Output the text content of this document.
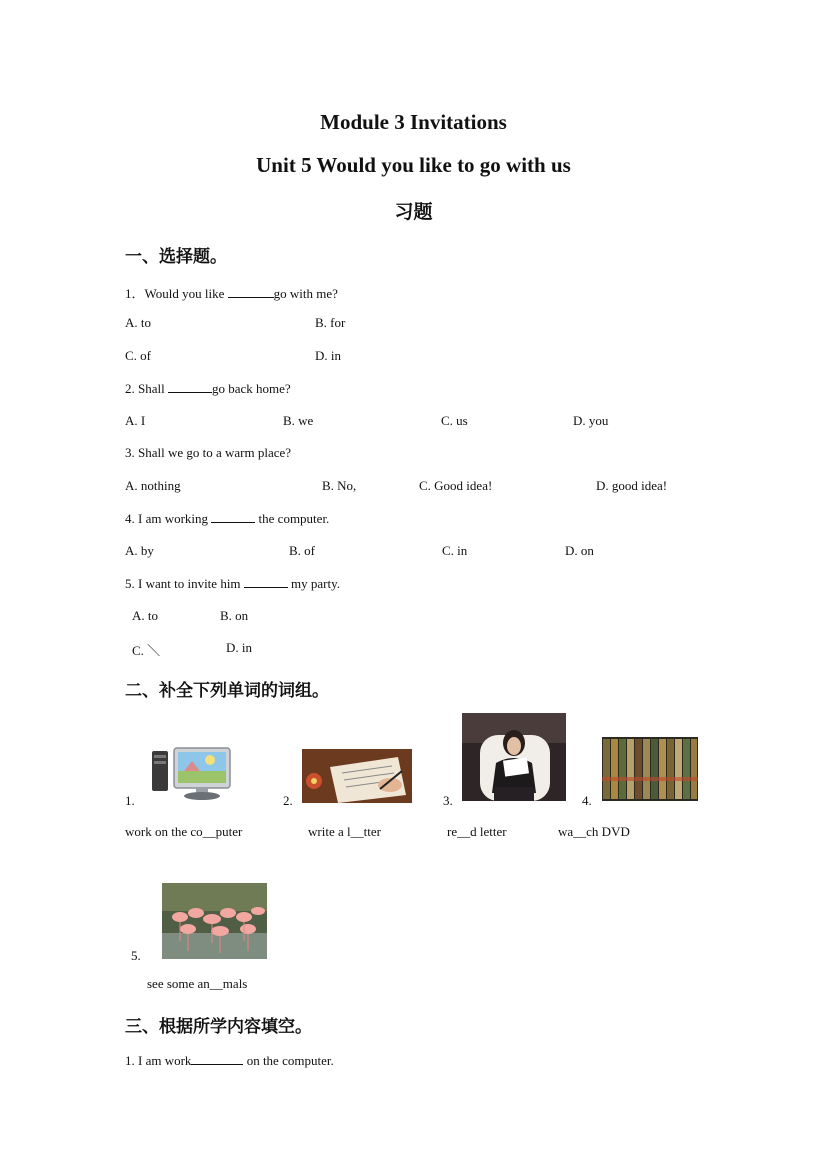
Module 3 Invitations
Unit 5 Would you like to go with us
习题
一、选择题。
1．Would you like	go with me?
A. to	B. for
C. of	D. in
2. Shall	go back home?
A. I	B. we	C. us	D. you
3. Shall we go to a warm place?
A. nothing	B. No,	C. Good idea!	D. good idea!
4. I am working	the computer.
A. by	B. of	C. in	D. on
5. I want to invite him	my party.
A. to	B. on
C. ＼	D. in
二、补全下列单词的词组。
1.	2.	3.	4.
work on the co__puter	write a l__tter	re__d letter	wa__ch DVD
5.
see some an__mals
三、根据所学内容填空。
1. I am work	on the computer.
